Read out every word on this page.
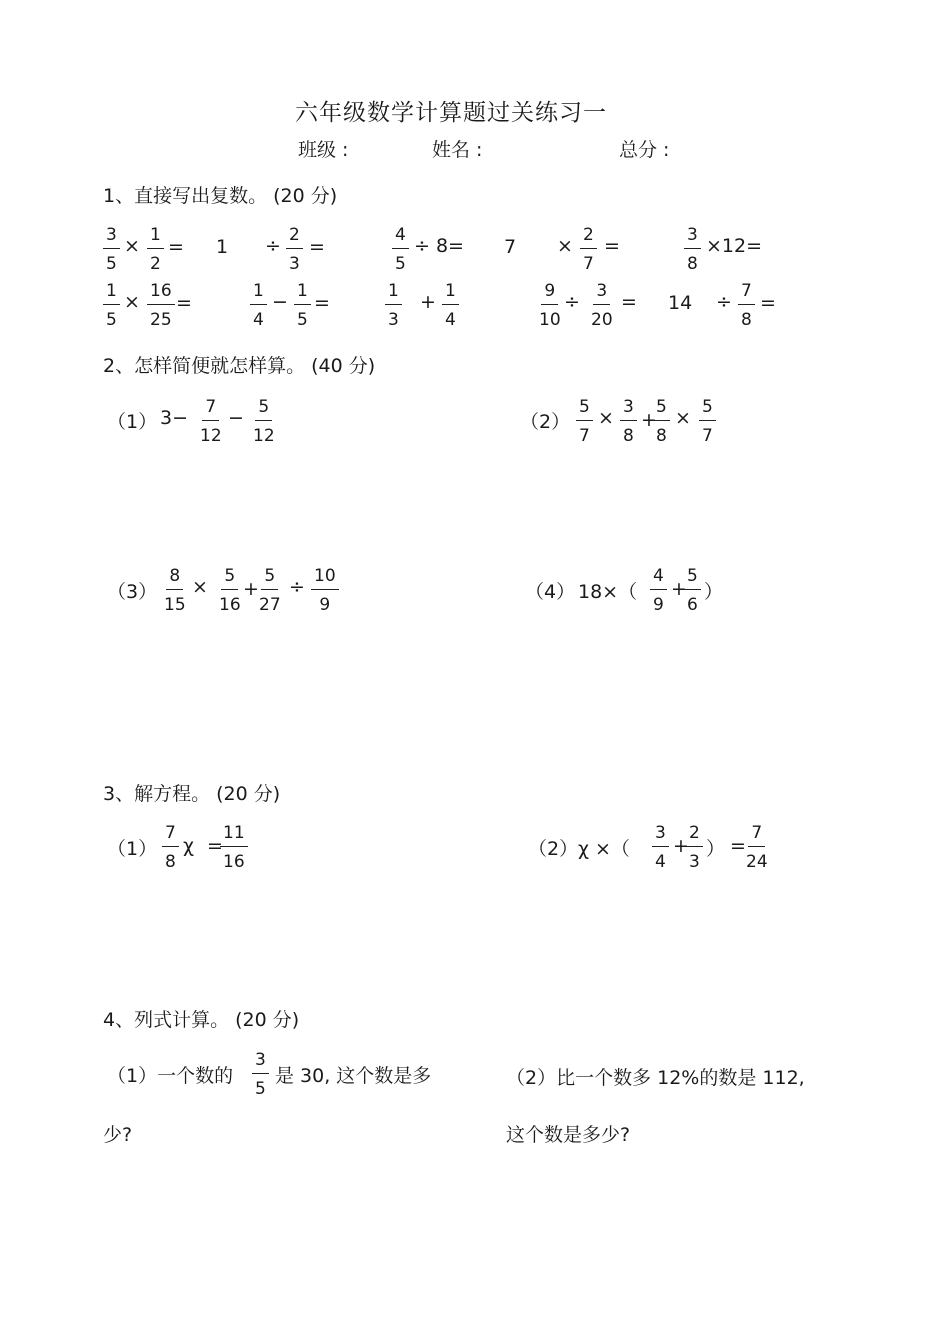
六年级数学计算题过关练习一
班级 :	姓名 :	总分 :
1、直接写出复数。 (20 分)
$\frac{3}{5} \times \frac{1}{2} = 1 \div \frac{2}{3}$ =	$\frac{4}{5} \div 8= 7 \times \frac{2}{7}$ =	$\frac{3}{8} \times 12=$
$\frac{1}{5} \times \frac{16}{25}$ =	$\frac{1}{4} - \frac{1}{5}$ =	$\frac{1}{3} + \frac{1}{4}$	$\frac{9}{10} \div \frac{3}{20} = 14 \div \frac{7}{8}$ =
2、怎样简便就怎样算。 (40 分)
（1） $3- \frac{7}{12} - \frac{5}{12}$	$(2) \frac{5}{7} \times \frac{3}{8}$ +
$\frac{5}{8} \times \frac{5}{7}$
$(3) \frac{8}{15} \times \frac{5}{16}$ +
$\frac{5}{27} \div \frac{10}{9}$	（4） $18\times( \frac{4}{9}$ +
$\frac{5}{6}$ ）
3、解方程。 (20 分)
$(1) \frac{7}{8}$ χ =
$\frac{11}{16}$	（2） χ ×（ $\frac{3}{4}$ +
$\frac{2}{3}$ ） =
$\frac{7}{24}$
4、列式计算。 (20 分)
（1）一个数的 $\frac{3}{5}$ 是 30, 这个数是多
少?
（2）比一个数多 12%的数是 112,
这个数是多少?
